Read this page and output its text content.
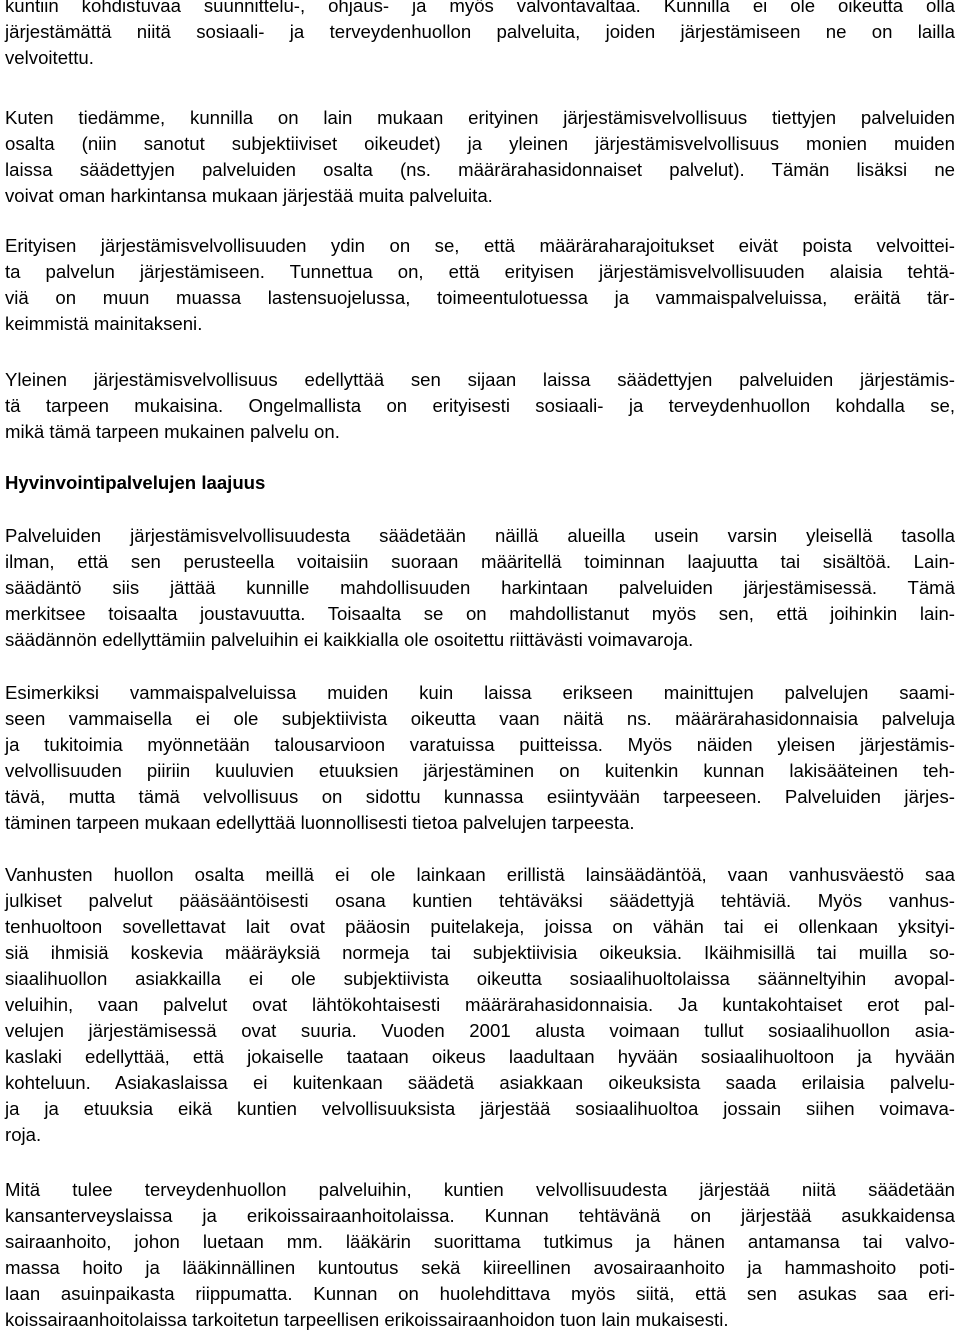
kuntiin kohdistuvaa suunnittelu-, ohjaus- ja myös valvontavaltaa. Kunnilla ei ole oikeutta olla
järjestämättä niitä sosiaali- ja terveydenhuollon palveluita, joiden järjestämiseen ne on lailla
velvoitettu.
Kuten tiedämme, kunnilla on lain mukaan erityinen järjestämisvelvollisuus tiettyjen palveluiden
osalta (niin sanotut subjektiiviset oikeudet) ja yleinen järjestämisvelvollisuus monien muiden
laissa säädettyjen palveluiden osalta (ns. määrärahasidonnaiset palvelut). Tämän lisäksi ne
voivat oman harkintansa mukaan järjestää muita palveluita.
Erityisen järjestämisvelvollisuuden ydin on se, että määräraharajoitukset eivät poista velvoittei-
ta palvelun järjestämiseen. Tunnettua on, että erityisen järjestämisvelvollisuuden alaisia tehtä-
viä on muun muassa lastensuojelussa, toimeentulotuessa ja vammaispalveluissa, eräitä tär-
keimmistä mainitakseni.
Yleinen järjestämisvelvollisuus edellyttää sen sijaan laissa säädettyjen palveluiden järjestämis-
tä tarpeen mukaisina. Ongelmallista on erityisesti sosiaali- ja terveydenhuollon kohdalla se,
mikä tämä tarpeen mukainen palvelu on.
Hyvinvointipalvelujen laajuus
Palveluiden järjestämisvelvollisuudesta säädetään näillä alueilla usein varsin yleisellä tasolla
ilman, että sen perusteella voitaisiin suoraan määritellä toiminnan laajuutta tai sisältöä. Lain-
säädäntö siis jättää kunnille mahdollisuuden harkintaan palveluiden järjestämisessä. Tämä
merkitsee toisaalta joustavuutta. Toisaalta se on mahdollistanut myös sen, että joihinkin lain-
säädännön edellyttämiin palveluihin ei kaikkialla ole osoitettu riittävästi voimavaroja.
Esimerkiksi vammaispalveluissa muiden kuin laissa erikseen mainittujen palvelujen saami-
seen vammaisella ei ole subjektiivista oikeutta vaan näitä ns. määrärahasidonnaisia palveluja
ja tukitoimia myönnetään talousarvioon varatuissa puitteissa. Myös näiden yleisen järjestämis-
velvollisuuden piiriin kuuluvien etuuksien järjestäminen on kuitenkin kunnan lakisääteinen teh-
tävä, mutta tämä velvollisuus on sidottu kunnassa esiintyvään tarpeeseen. Palveluiden järjes-
täminen tarpeen mukaan edellyttää luonnollisesti tietoa palvelujen tarpeesta.
Vanhusten huollon osalta meillä ei ole lainkaan erillistä lainsäädäntöä, vaan vanhusväestö saa
julkiset palvelut pääsääntöisesti osana kuntien tehtäväksi säädettyjä tehtäviä. Myös vanhus-
tenhuoltoon sovellettavat lait ovat pääosin puitelakeja, joissa on vähän tai ei ollenkaan yksityi-
siä ihmisiä koskevia määräyksiä normeja tai subjektiivisia oikeuksia. Ikäihmisillä tai muilla so-
siaalihuollon asiakkailla ei ole subjektiivista oikeutta sosiaalihuoltolaissa säänneltyihin avopal-
veluihin, vaan palvelut ovat lähtökohtaisesti määrärahasidonnaisia. Ja kuntakohtaiset erot pal-
velujen järjestämisessä ovat suuria. Vuoden 2001 alusta voimaan tullut sosiaalihuollon asia-
kaslaki edellyttää, että jokaiselle taataan oikeus laadultaan hyvään sosiaalihuoltoon ja hyvään
kohteluun. Asiakaslaissa ei kuitenkaan säädetä asiakkaan oikeuksista saada erilaisia palvelu-
ja ja etuuksia eikä kuntien velvollisuuksista järjestää sosiaalihuoltoa jossain siihen voimava-
roja.
Mitä tulee terveydenhuollon palveluihin, kuntien velvollisuudesta järjestää niitä säädetään
kansanterveyslaissa ja erikoissairaanhoitolaissa. Kunnan tehtävänä on järjestää asukkaidensa
sairaanhoito, johon luetaan mm. lääkärin suorittama tutkimus ja hänen antamansa tai valvo-
massa hoito ja lääkinnällinen kuntoutus sekä kiireellinen avosairaanhoito ja hammashoito poti-
laan asuinpaikasta riippumatta. Kunnan on huolehdittava myös siitä, että sen asukas saa eri-
koissairaanhoitolaissa tarkoitetun tarpeellisen erikoissairaanhoidon tuon lain mukaisesti.
